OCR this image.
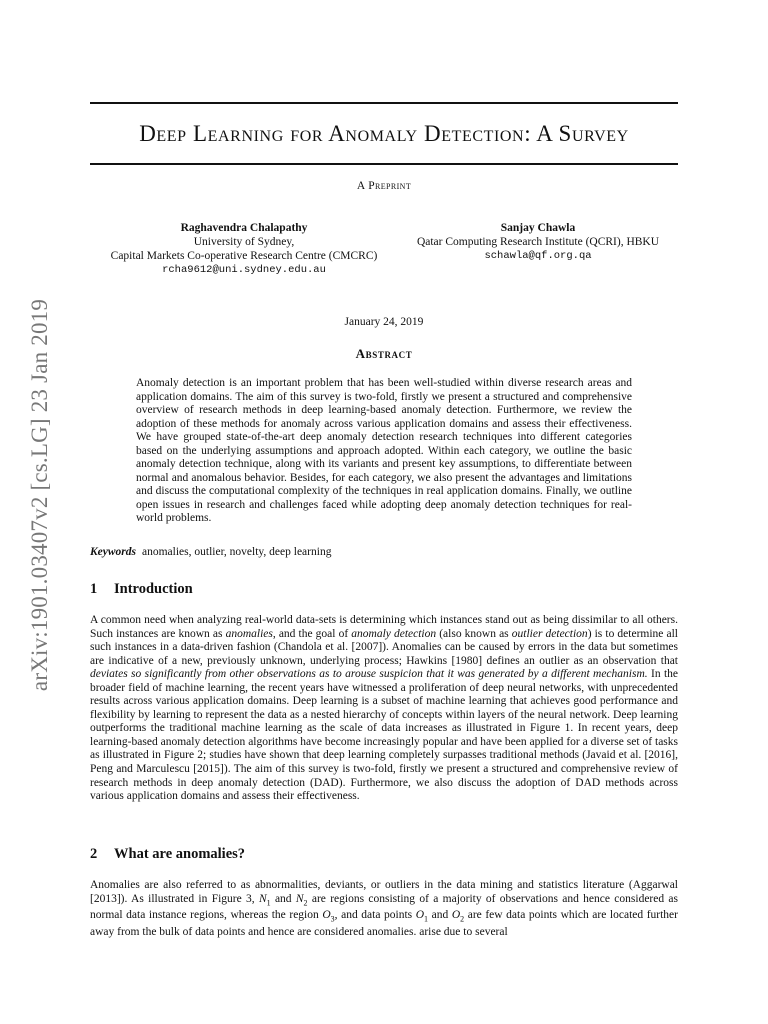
arXiv:1901.03407v2 [cs.LG] 23 Jan 2019
Deep Learning for Anomaly Detection: A Survey
A Preprint
Raghavendra Chalapathy
University of Sydney,
Capital Markets Co-operative Research Centre (CMCRC)
rcha9612@uni.sydney.edu.au
Sanjay Chawla
Qatar Computing Research Institute (QCRI), HBKU
schawla@qf.org.qa
January 24, 2019
Abstract

Anomaly detection is an important problem that has been well-studied within diverse research areas and application domains. The aim of this survey is two-fold, firstly we present a structured and comprehensive overview of research methods in deep learning-based anomaly detection. Furthermore, we review the adoption of these methods for anomaly across various application domains and assess their effectiveness. We have grouped state-of-the-art deep anomaly detection research techniques into different categories based on the underlying assumptions and approach adopted. Within each category, we outline the basic anomaly detection technique, along with its variants and present key assumptions, to differentiate between normal and anomalous behavior. Besides, for each category, we also present the advantages and limitations and discuss the computational complexity of the techniques in real application domains. Finally, we outline open issues in research and challenges faced while adopting deep anomaly detection techniques for real-world problems.

Keywords anomalies, outlier, novelty, deep learning
1 Introduction

A common need when analyzing real-world data-sets is determining which instances stand out as being dissimilar to all others. Such instances are known as anomalies, and the goal of anomaly detection (also known as outlier detection) is to determine all such instances in a data-driven fashion (Chandola et al. [2007]). Anomalies can be caused by errors in the data but sometimes are indicative of a new, previously unknown, underlying process; Hawkins [1980] defines an outlier as an observation that deviates so significantly from other observations as to arouse suspicion that it was generated by a different mechanism. In the broader field of machine learning, the recent years have witnessed a proliferation of deep neural networks, with unprecedented results across various application domains. Deep learning is a subset of machine learning that achieves good performance and flexibility by learning to represent the data as a nested hierarchy of concepts within layers of the neural network. Deep learning outperforms the traditional machine learning as the scale of data increases as illustrated in Figure 1. In recent years, deep learning-based anomaly detection algorithms have become increasingly popular and have been applied for a diverse set of tasks as illustrated in Figure 2; studies have shown that deep learning completely surpasses traditional methods (Javaid et al. [2016], Peng and Marculescu [2015]). The aim of this survey is two-fold, firstly we present a structured and comprehensive review of research methods in deep anomaly detection (DAD). Furthermore, we also discuss the adoption of DAD methods across various application domains and assess their effectiveness.

2 What are anomalies?

Anomalies are also referred to as abnormalities, deviants, or outliers in the data mining and statistics literature (Aggarwal [2013]). As illustrated in Figure 3, $N_1$ and $N_2$ are regions consisting of a majority of observations and hence considered as normal data instance regions, whereas the region $O_3$, and data points $O_1$ and $O_2$ are few data points which are located further away from the bulk of data points and hence are considered anomalies. arise due to several
